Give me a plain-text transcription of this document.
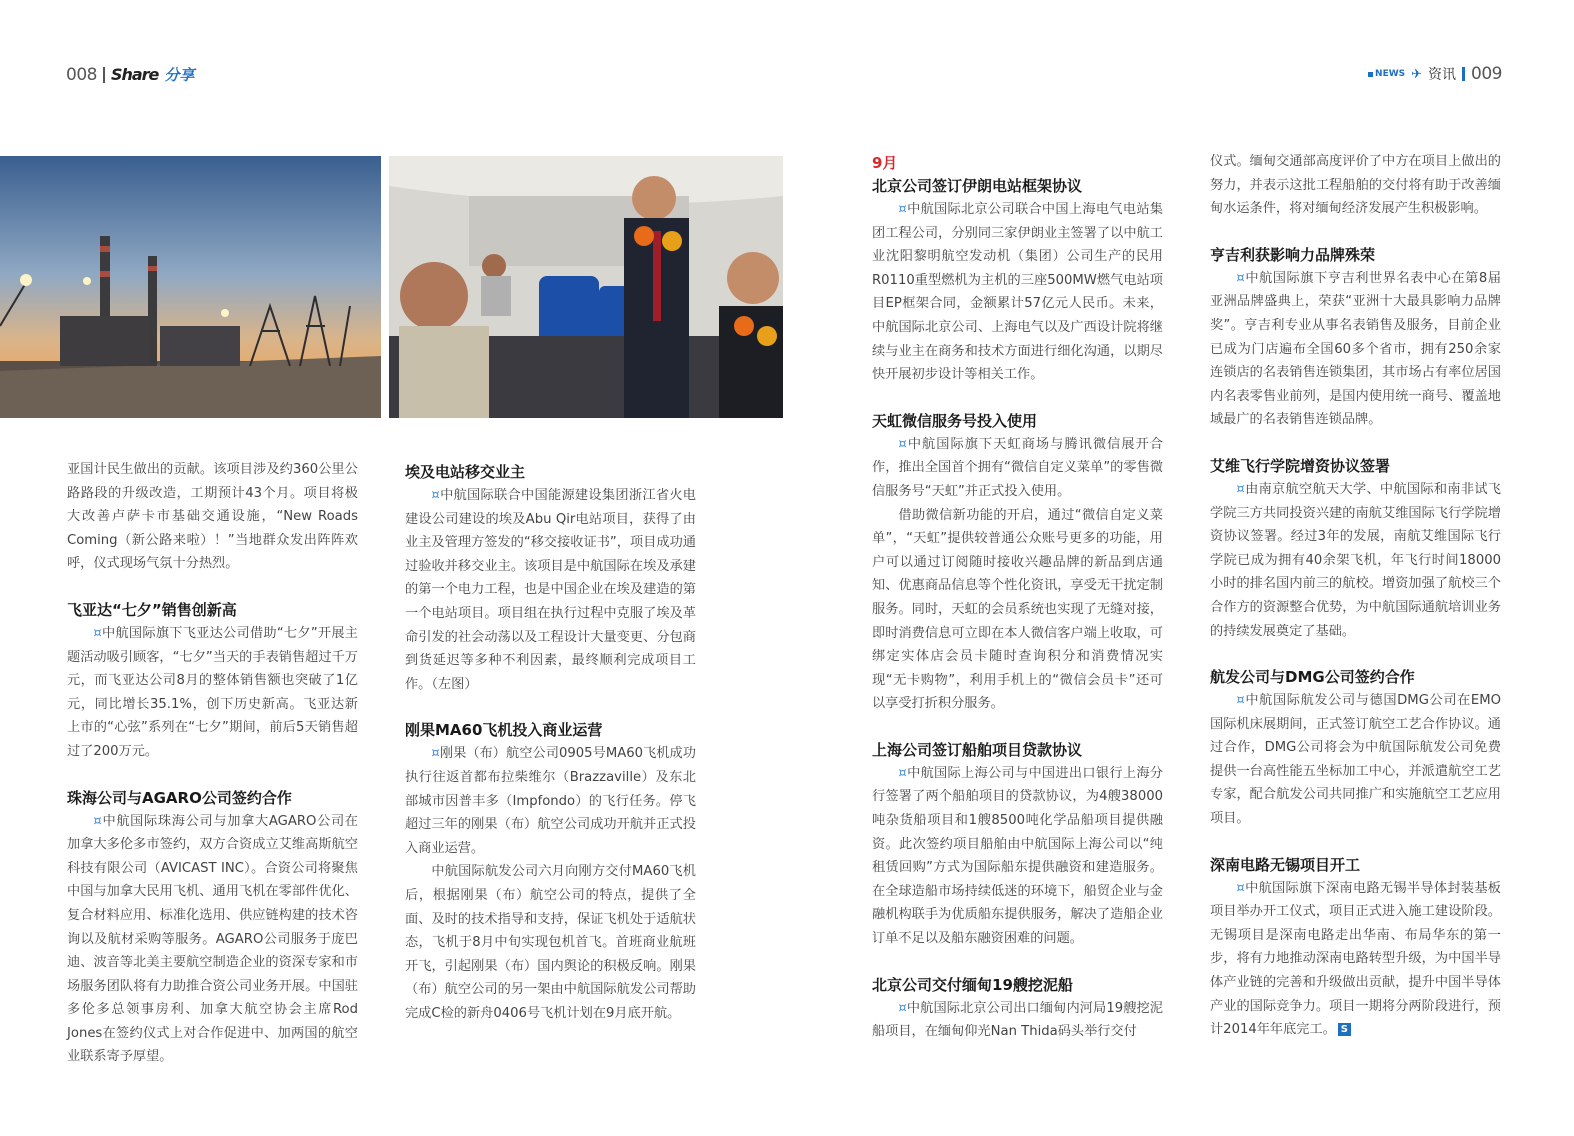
008 Share 分享	NEWS ✈ 资讯 009

亚国计民生做出的贡献。该项目涉及约360公里公路路段的升级改造，工期预计43个月。项目将极大改善卢萨卡市基础交通设施，“New Roads Coming（新公路来啦）！”当地群众发出阵阵欢呼，仪式现场气氛十分热烈。

飞亚达“七夕”销售创新高

¤中航国际旗下飞亚达公司借助“七夕”开展主题活动吸引顾客，“七夕”当天的手表销售超过千万元，而飞亚达公司8月的整体销售额也突破了1亿元，同比增长35.1%，创下历史新高。飞亚达新上市的“心弦”系列在“七夕”期间，前后5天销售超过了200万元。

珠海公司与AGARO公司签约合作

¤中航国际珠海公司与加拿大AGARO公司在加拿大多伦多市签约，双方合资成立艾维高斯航空科技有限公司（AVICAST INC）。合资公司将聚焦中国与加拿大民用飞机、通用飞机在零部件优化、复合材料应用、标准化选用、供应链构建的技术咨询以及航材采购等服务。AGARO公司服务于庞巴迪、波音等北美主要航空制造企业的资深专家和市场服务团队将有力助推合资公司业务开展。中国驻多伦多总领事房利、加拿大航空协会主席Rod Jones在签约仪式上对合作促进中、加两国的航空业联系寄予厚望。

埃及电站移交业主

¤中航国际联合中国能源建设集团浙江省火电建设公司建设的埃及Abu Qir电站项目，获得了由业主及管理方签发的“移交接收证书”，项目成功通过验收并移交业主。该项目是中航国际在埃及承建的第一个电力工程，也是中国企业在埃及建造的第一个电站项目。项目组在执行过程中克服了埃及革命引发的社会动荡以及工程设计大量变更、分包商到货延迟等多种不利因素，最终顺利完成项目工作。（左图）

刚果MA60飞机投入商业运营

¤刚果（布）航空公司0905号MA60飞机成功执行往返首都布拉柴维尔（Brazzaville）及东北部城市因普丰多（Impfondo）的飞行任务。停飞超过三年的刚果（布）航空公司成功开航并正式投入商业运营。

中航国际航发公司六月向刚方交付MA60飞机后，根据刚果（布）航空公司的特点，提供了全面、及时的技术指导和支持，保证飞机处于适航状态，飞机于8月中旬实现包机首飞。首班商业航班开飞，引起刚果（布）国内舆论的积极反响。刚果（布）航空公司的另一架由中航国际航发公司帮助完成C检的新舟0406号飞机计划在9月底开航。

9月
北京公司签订伊朗电站框架协议

¤中航国际北京公司联合中国上海电气电站集团工程公司，分别同三家伊朗业主签署了以中航工业沈阳黎明航空发动机（集团）公司生产的民用R0110重型燃机为主机的三座500MW燃气电站项目EP框架合同，金额累计57亿元人民币。未来，中航国际北京公司、上海电气以及广西设计院将继续与业主在商务和技术方面进行细化沟通，以期尽快开展初步设计等相关工作。

天虹微信服务号投入使用

¤中航国际旗下天虹商场与腾讯微信展开合作，推出全国首个拥有“微信自定义菜单”的零售微信服务号“天虹”并正式投入使用。

借助微信新功能的开启，通过“微信自定义菜单”，“天虹”提供较普通公众账号更多的功能，用户可以通过订阅随时接收兴趣品牌的新品到店通知、优惠商品信息等个性化资讯，享受无干扰定制服务。同时，天虹的会员系统也实现了无缝对接，即时消费信息可立即在本人微信客户端上收取，可绑定实体店会员卡随时查询积分和消费情况实现“无卡购物”，利用手机上的“微信会员卡”还可以享受打折积分服务。

上海公司签订船舶项目贷款协议

¤中航国际上海公司与中国进出口银行上海分行签署了两个船舶项目的贷款协议，为4艘38000吨杂货船项目和1艘8500吨化学品船项目提供融资。此次签约项目船舶由中航国际上海公司以“纯租赁回购”方式为国际船东提供融资和建造服务。在全球造船市场持续低迷的环境下，船贸企业与金融机构联手为优质船东提供服务，解决了造船企业订单不足以及船东融资困难的问题。

北京公司交付缅甸19艘挖泥船

¤中航国际北京公司出口缅甸内河局19艘挖泥船项目，在缅甸仰光Nan Thida码头举行交付

仪式。缅甸交通部高度评价了中方在项目上做出的努力，并表示这批工程船舶的交付将有助于改善缅甸水运条件，将对缅甸经济发展产生积极影响。

亨吉利获影响力品牌殊荣

¤中航国际旗下亨吉利世界名表中心在第8届亚洲品牌盛典上，荣获“亚洲十大最具影响力品牌奖”。亨吉利专业从事名表销售及服务，目前企业已成为门店遍布全国60多个省市，拥有250余家连锁店的名表销售连锁集团，其市场占有率位居国内名表零售业前列，是国内使用统一商号、覆盖地域最广的名表销售连锁品牌。

艾维飞行学院增资协议签署

¤由南京航空航天大学、中航国际和南非试飞学院三方共同投资兴建的南航艾维国际飞行学院增资协议签署。经过3年的发展，南航艾维国际飞行学院已成为拥有40余架飞机，年飞行时间18000小时的排名国内前三的航校。增资加强了航校三个合作方的资源整合优势，为中航国际通航培训业务的持续发展奠定了基础。

航发公司与DMG公司签约合作

¤中航国际航发公司与德国DMG公司在EMO国际机床展期间，正式签订航空工艺合作协议。通过合作，DMG公司将会为中航国际航发公司免费提供一台高性能五坐标加工中心，并派遣航空工艺专家，配合航发公司共同推广和实施航空工艺应用项目。

深南电路无锡项目开工

¤中航国际旗下深南电路无锡半导体封装基板项目举办开工仪式，项目正式进入施工建设阶段。无锡项目是深南电路走出华南、布局华东的第一步，将有力地推动深南电路转型升级，为中国半导体产业链的完善和升级做出贡献，提升中国半导体产业的国际竞争力。项目一期将分两阶段进行，预计2014年年底完工。 S
